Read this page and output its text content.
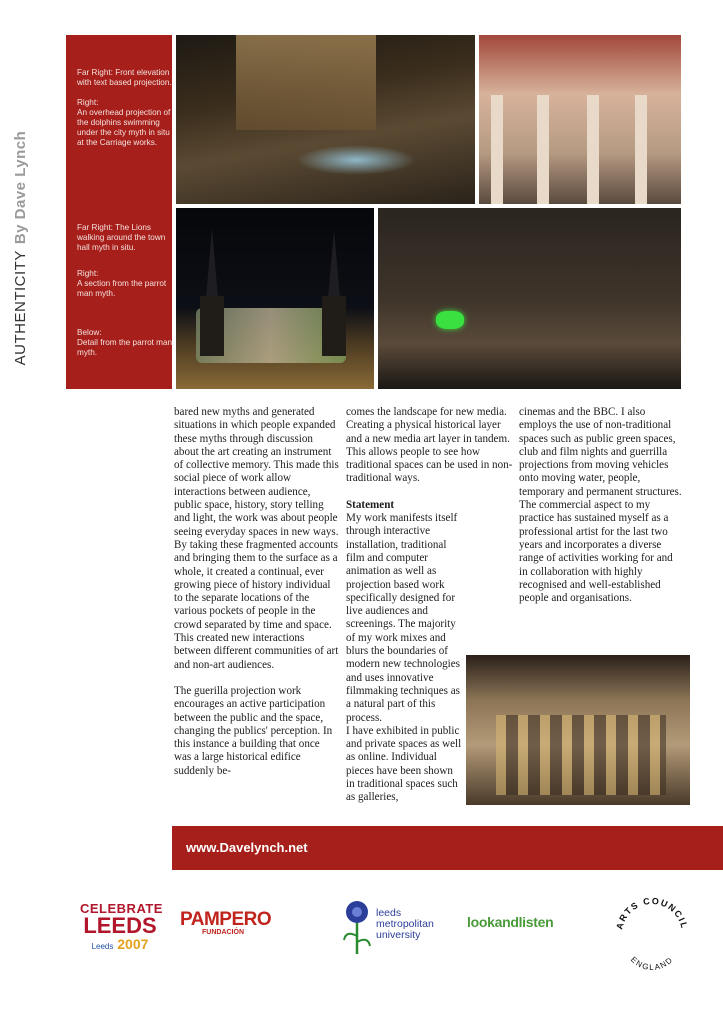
AUTHENTICITYBy Dave Lynch
Far Right: Front elevation with text based projection.
Right:
An overhead projection of the dolphins swimming under the city myth in situ at the Carriage works.
Far Right: The Lions walking around the town hall myth in situ.
Right:
A section from the parrot man myth.
Below:
Detail from the parrot man myth.

bared new myths and generated situations in which people expanded these myths through discussion about the art creating an instrument of collective memory. This made this social piece of work allow interactions between audience, public space, history, story telling and light, the work was about people seeing everyday spaces in new ways. By taking these fragmented accounts and bringing them to the surface as a whole, it created a continual, ever growing piece of history individual to the separate locations of the various pockets of people in the crowd separated by time and space. This created new interactions between different communities of art and non-art audiences.

The guerilla projection work encourages an active participation between the public and the space, changing the publics' perception. In this instance a building that once was a large historical edifice suddenly be-

comes the landscape for new media. Creating a physical historical layer and a new media art layer in tandem. This allows people to see how traditional spaces can be used in non-traditional ways.

Statement

My work manifests itself through interactive installation, traditional film and computer animation as well as projection based work specifically designed for live audiences and screenings. The majority of my work mixes and blurs the boundaries of modern new technologies and uses innovative filmmaking techniques as a natural part of this process.
I have exhibited in public and private spaces as well as online. Individual pieces have been shown in traditional spaces such as galleries,

cinemas and the BBC. I also employs the use of non-traditional spaces such as public green spaces, club and film nights and guerrilla projections from moving vehicles onto moving water, people, temporary and permanent structures.
The commercial aspect to my practice has sustained myself as a professional artist for the last two years and incorporates a diverse range of activities working for and in collaboration with highly recognised and well-established people and organisations.

www.Davelynch.net
CELEBRATE
LEEDS
Leeds 2007
PAMPERO
FUNDACIÓN
leeds
metropolitan
university
lookandlisten	ARTS COUNCIL
ENGLAND
